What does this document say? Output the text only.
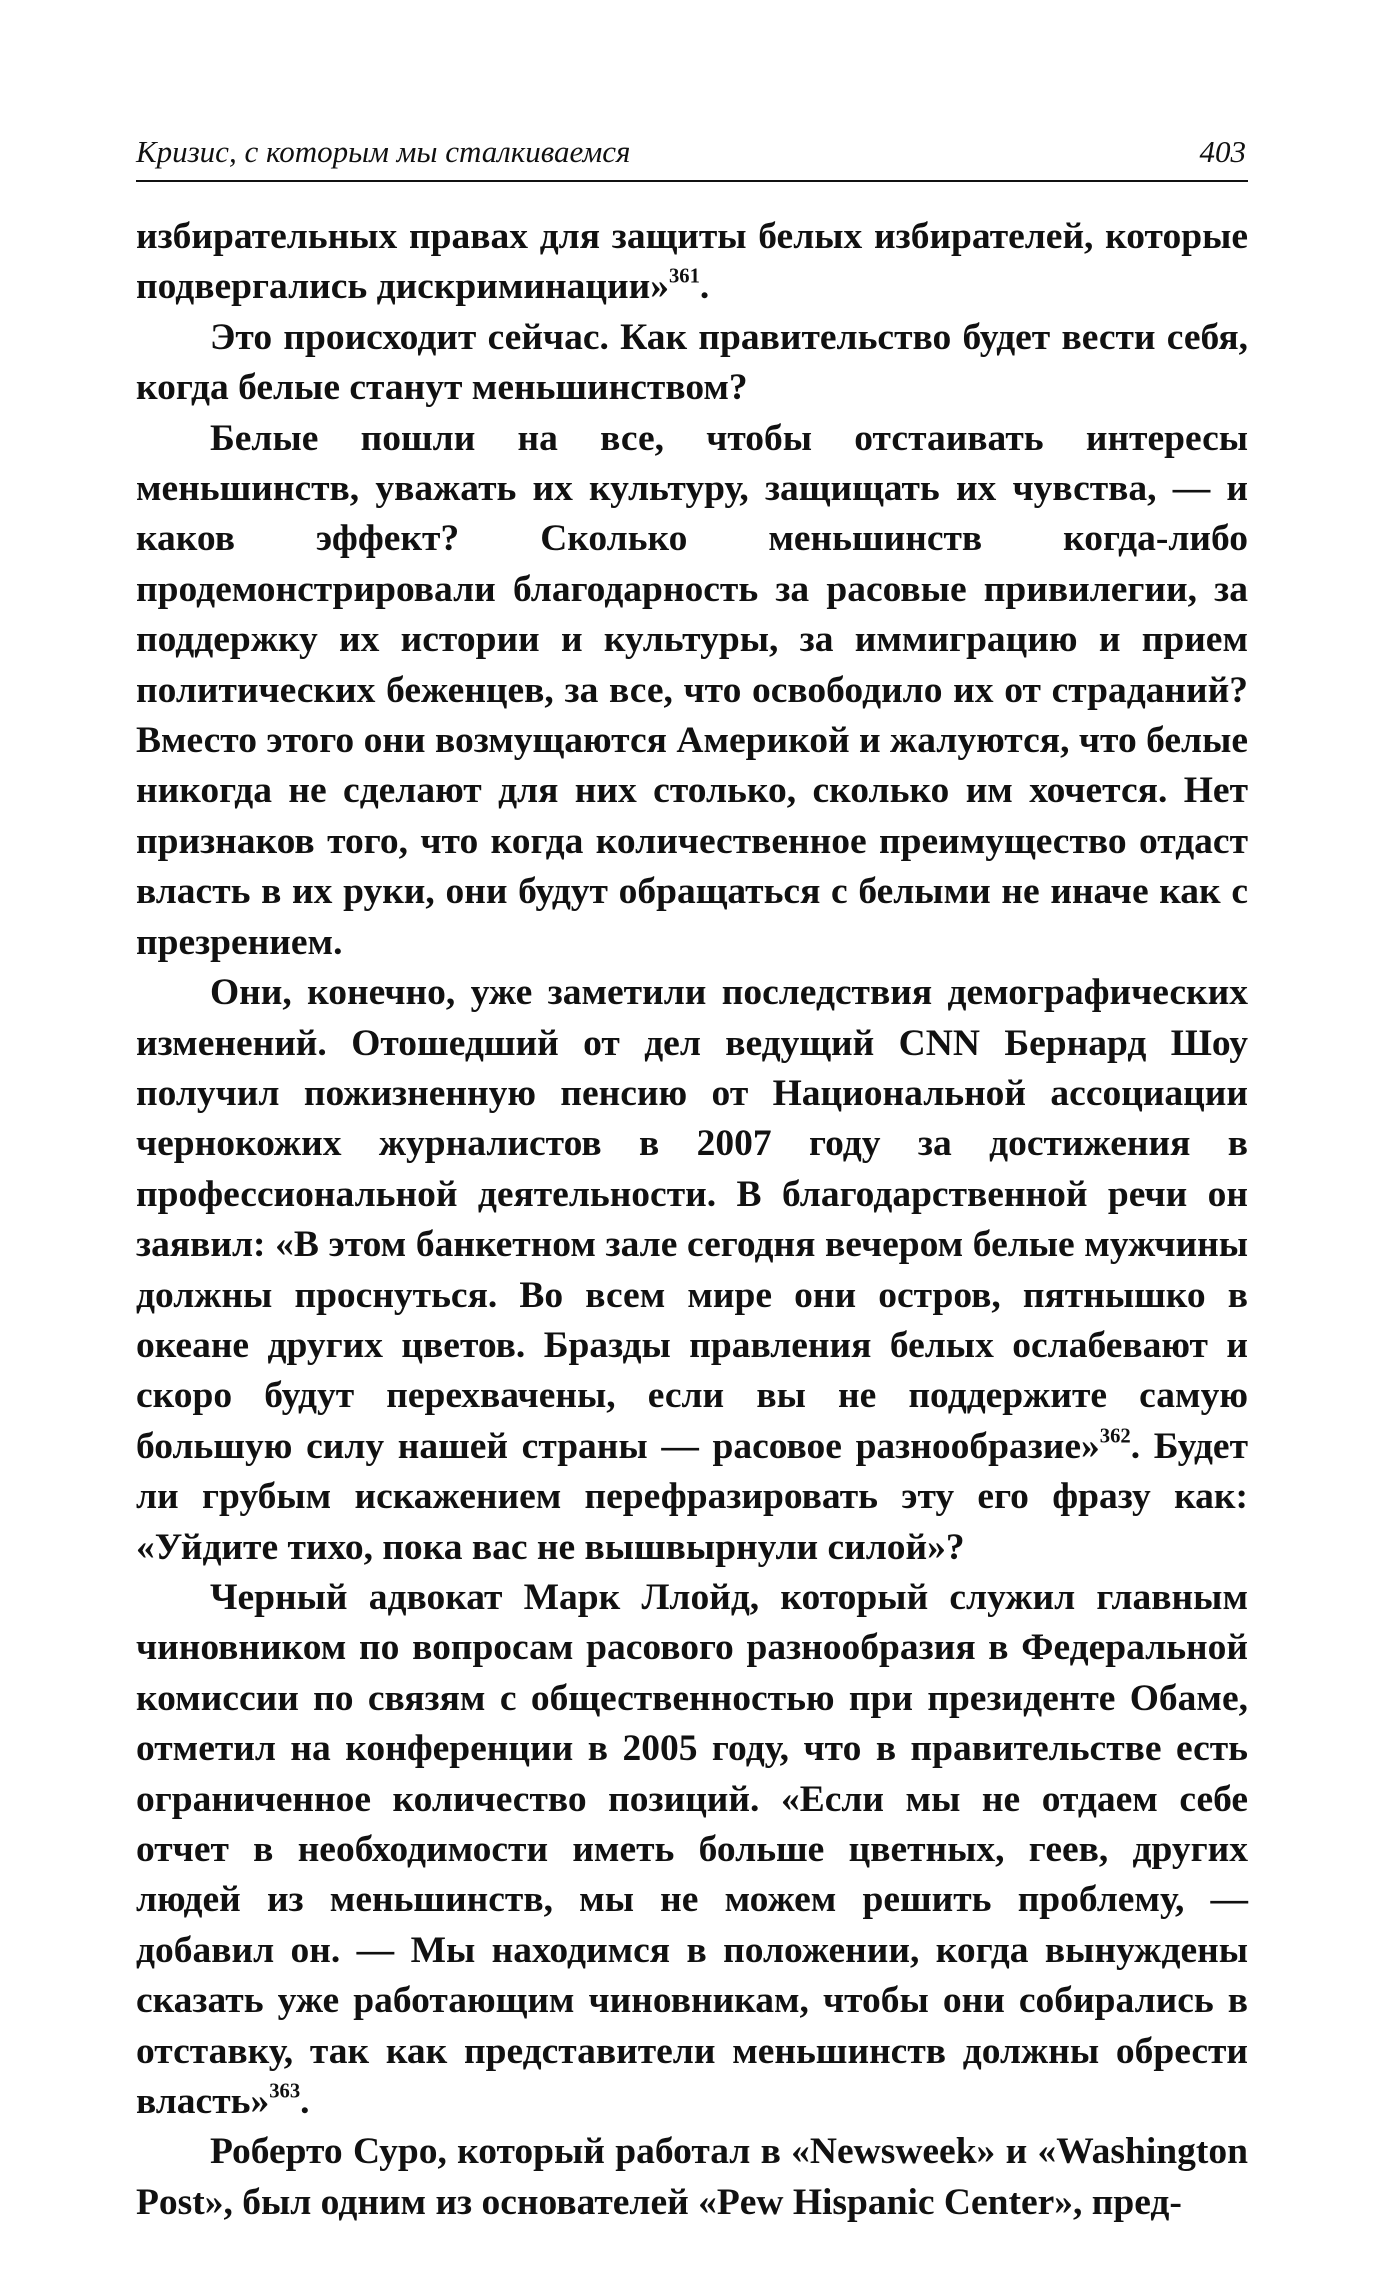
Кризис, с которым мы сталкиваемся	403

избирательных правах для защиты белых избирателей, которые подвергались дискриминации»$^{361}$.

Это происходит сейчас. Как правительство будет вести себя, когда белые станут меньшинством?

Белые пошли на все, чтобы отстаивать интересы меньшинств, уважать их культуру, защищать их чувства, — и каков эффект? Сколько меньшинств когда-либо продемонстрировали благодарность за расовые привилегии, за поддержку их истории и культуры, за иммиграцию и прием политических беженцев, за все, что освободило их от страданий? Вместо этого они возмущаются Америкой и жалуются, что белые никогда не сделают для них столько, сколько им хочется. Нет признаков того, что когда количественное преимущество отдаст власть в их руки, они будут обращаться с белыми не иначе как с презрением.

Они, конечно, уже заметили последствия демографических изменений. Отошедший от дел ведущий CNN Бернард Шоу получил пожизненную пенсию от Национальной ассоциации чернокожих журналистов в 2007 году за достижения в профессиональной деятельности. В благодарственной речи он заявил: «В этом банкетном зале сегодня вечером белые мужчины должны проснуться. Во всем мире они остров, пятнышко в океане других цветов. Бразды правления белых ослабевают и скоро будут перехвачены, если вы не поддержите самую большую силу нашей страны — расовое разнообразие»$^{362}$. Будет ли грубым искажением перефразировать эту его фразу как: «Уйдите тихо, пока вас не вышвырнули силой»?

Черный адвокат Марк Ллойд, который служил главным чиновником по вопросам расового разнообразия в Федеральной комиссии по связям с общественностью при президенте Обаме, отметил на конференции в 2005 году, что в правительстве есть ограниченное количество позиций. «Если мы не отдаем себе отчет в необходимости иметь больше цветных, геев, других людей из меньшинств, мы не можем решить проблему, — добавил он. — Мы находимся в положении, когда вынуждены сказать уже работающим чиновникам, чтобы они собирались в отставку, так как представители меньшинств должны обрести власть»$^{363}$.

Роберто Суро, который работал в «Newsweek» и «Washington Post», был одним из основателей «Pew Hispanic Center», пред-
